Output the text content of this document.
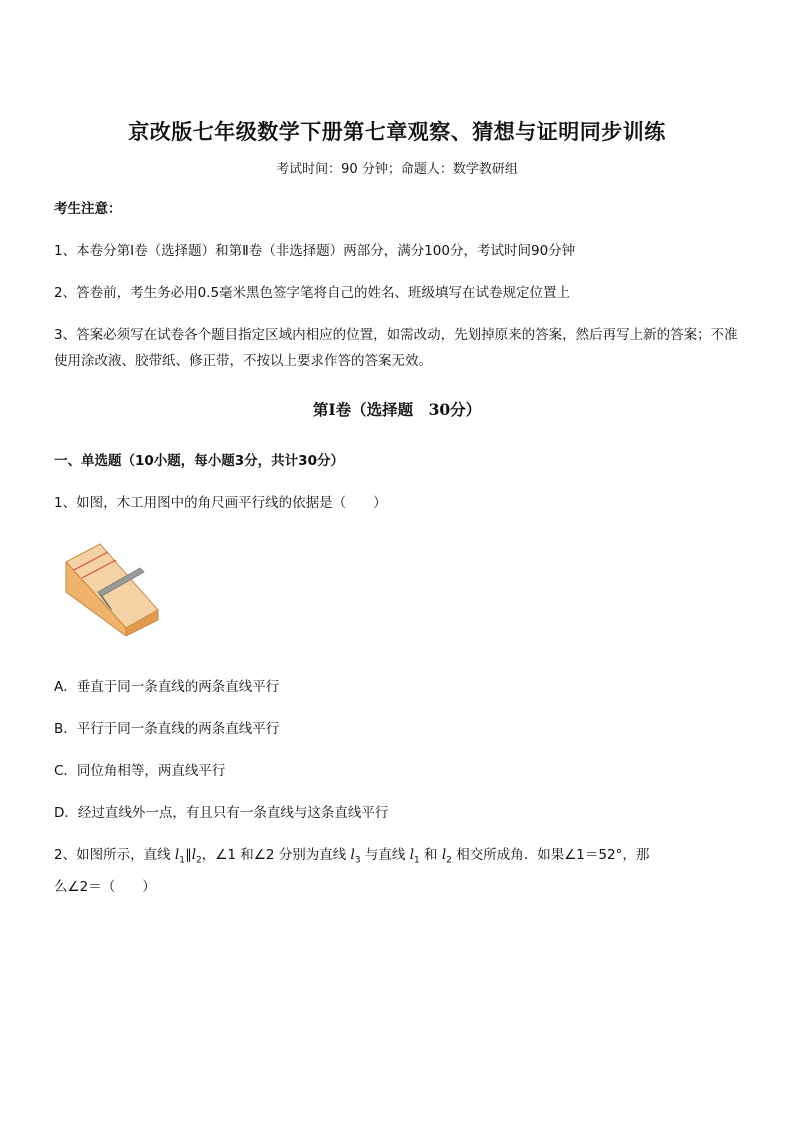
京改版七年级数学下册第七章观察、猜想与证明同步训练
考试时间：90 分钟；命题人：数学教研组
考生注意：
1、本卷分第Ⅰ卷（选择题）和第Ⅱ卷（非选择题）两部分，满分100分，考试时间90分钟
2、答卷前，考生务必用0.5毫米黑色签字笔将自己的姓名、班级填写在试卷规定位置上
3、答案必须写在试卷各个题目指定区域内相应的位置，如需改动，先划掉原来的答案，然后再写上新的答案；不准使用涂改液、胶带纸、修正带，不按以上要求作答的答案无效。
第Ⅰ卷（选择题　30分）
一、单选题（10小题，每小题3分，共计30分）
1、如图，木工用图中的角尺画平行线的依据是（　　）
A．垂直于同一条直线的两条直线平行
B．平行于同一条直线的两条直线平行
C．同位角相等，两直线平行
D．经过直线外一点，有且只有一条直线与这条直线平行
2、如图所示，直线 $l_1\parallel l_2$，∠1 和∠2 分别为直线 $l_3$ 与直线 $l_1$ 和 $l_2$ 相交所成角．如果∠1＝52°，那
么∠2＝（　　）
